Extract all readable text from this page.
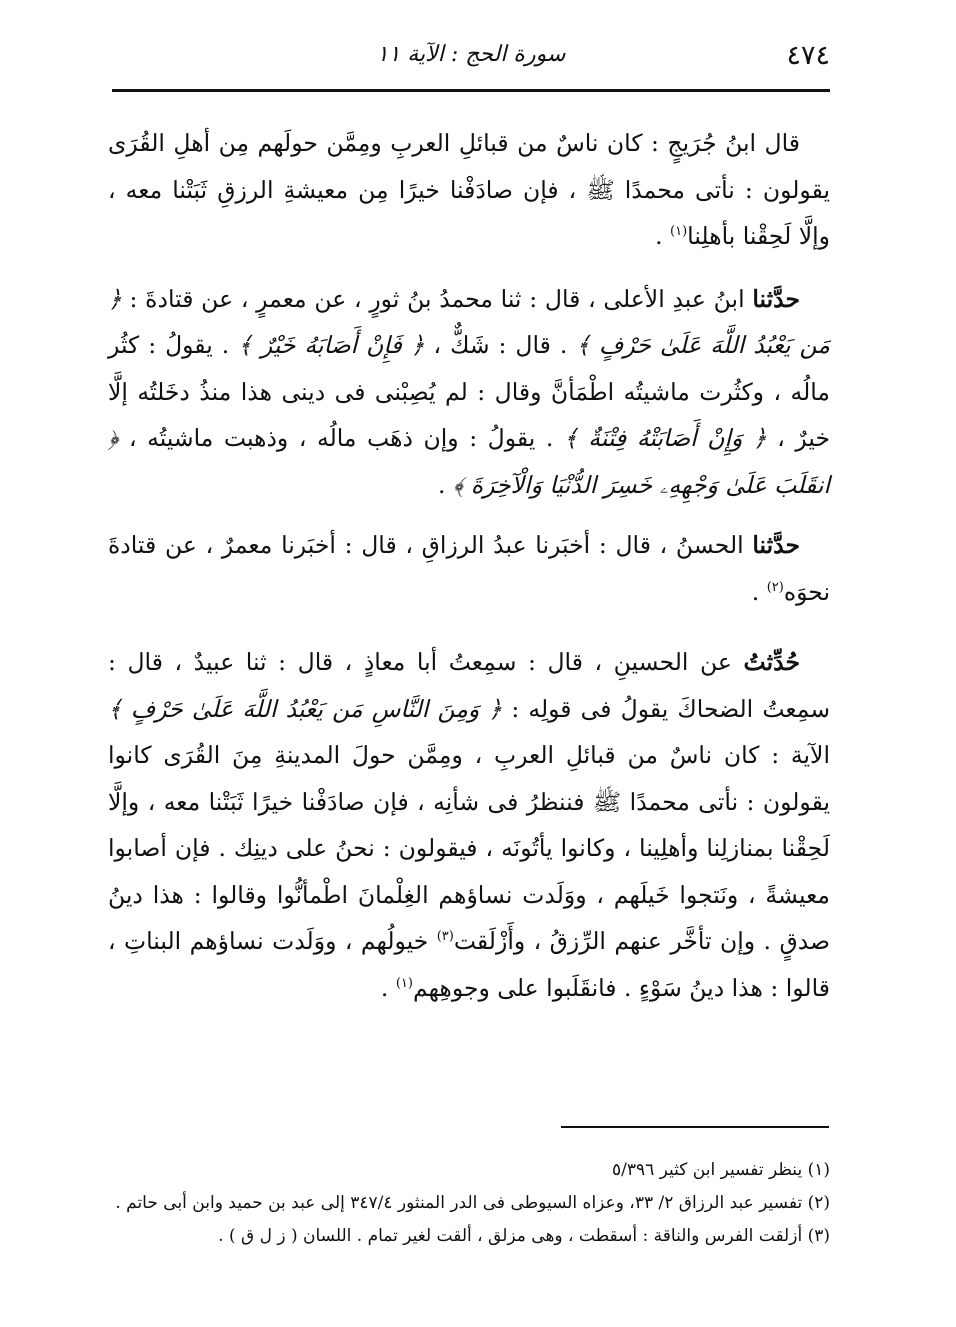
٤٧٤
سورة الحج : الآية ١١

قال ابنُ جُرَيجٍ : كان ناسٌ من قبائلِ العربِ ومِمَّن حولَهم مِن أهلِ القُرَى يقولون : نأتى محمدًا ﷺ ، فإن صادَفْنا خيرًا مِن معيشةِ الرزقِ ثَبَتْنا معه ، وإلَّا لَحِقْنا بأهلِنا$^{(١)}$ .

حدَّثنا ابنُ عبدِ الأعلى ، قال : ثنا محمدُ بنُ ثورٍ ، عن معمرٍ ، عن قتادةَ : ﴿ مَن يَعْبُدُ اللَّهَ عَلَىٰ حَرْفٍ ﴾ . قال : شَكٌّ ، ﴿ فَإِنْ أَصَابَهُ خَيْرٌ ﴾ . يقولُ : كثُر مالُه ، وكثُرت ماشيتُه اطْمَأنَّ وقال : لم يُصِبْنى فى دينى هذا منذُ دخَلتُه إلَّا خيرٌ ، ﴿ وَإِنْ أَصَابَتْهُ فِتْنَةٌ ﴾ . يقولُ : وإن ذهَب مالُه ، وذهبت ماشيتُه ، ﴿ انقَلَبَ عَلَىٰ وَجْهِهِۦ خَسِرَ الدُّنْيَا وَالْآخِرَةَ ﴾ .

حدَّثنا الحسنُ ، قال : أخبَرنا عبدُ الرزاقِ ، قال : أخبَرنا معمرٌ ، عن قتادةَ نحوَه$^{(٢)}$ .

حُدِّثتُ عن الحسينِ ، قال : سمِعتُ أبا معاذٍ ، قال : ثنا عبيدٌ ، قال : سمِعتُ الضحاكَ يقولُ فى قولِه : ﴿ وَمِنَ النَّاسِ مَن يَعْبُدُ اللَّهَ عَلَىٰ حَرْفٍ ﴾ الآية : كان ناسٌ من قبائلِ العربِ ، ومِمَّن حولَ المدينةِ مِنَ القُرَى كانوا يقولون : نأتى محمدًا ﷺ فننظرُ فى شأنِه ، فإن صادَفْنا خيرًا ثَبَتْنا معه ، وإلَّا لَحِقْنا بمنازلِنا وأهلِينا ، وكانوا يأتُونَه ، فيقولون : نحنُ على دينِك . فإن أصابوا معيشةً ، ونَتجوا خَيلَهم ، ووَلَدت نساؤهم الغِلْمانَ اطْمأنُّوا وقالوا : هذا دينُ صدقٍ . وإن تأخَّر عنهم الرِّزقُ ، وأَزْلَقت$^{(٣)}$ خيولُهم ، ووَلَدت نساؤهم البناتِ ، قالوا : هذا دينُ سَوْءٍ . فانقَلَبوا على وجوهِهم$^{(١)}$ .

(١) ينظر تفسير ابن كثير ٥/٣٩٦

(٢) تفسير عبد الرزاق ٢/ ٣٣، وعزاه السيوطى فى الدر المنثور ٣٤٧/٤ إلى عبد بن حميد وابن أبى حاتم .

(٣) أزلقت الفرس والناقة : أسقطت ، وهى مزلق ، ألقت لغير تمام . اللسان ( ز ل ق ) .
